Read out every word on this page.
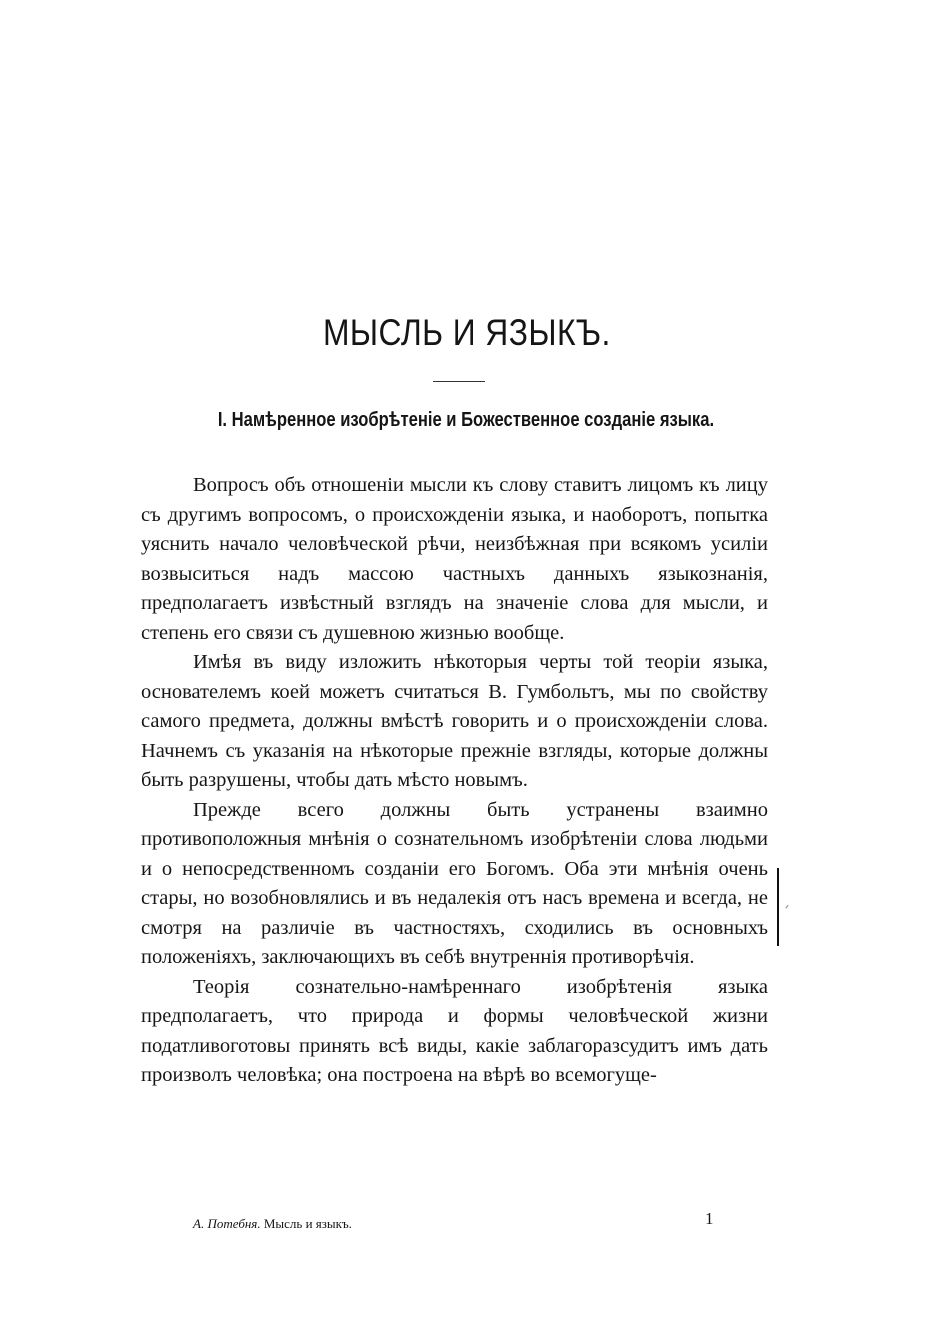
МЫСЛЬ И ЯЗЫКЪ.
I. Намѣренное изобрѣтеніе и Божественное созданіе языка.

Вопросъ объ отношеніи мысли къ слову ставитъ лицомъ къ лицу съ другимъ вопросомъ, о происхожденіи языка, и наоборотъ, попытка уяснить начало человѣческой рѣчи, неизбѣжная при всякомъ усиліи возвыситься надъ массою частныхъ данныхъ языкознанія, предполагаетъ извѣстный взглядъ на значеніе слова для мысли, и степень его связи съ душевною жизнью вообще.

Имѣя въ виду изложить нѣкоторыя черты той теоріи языка, основателемъ коей можетъ считаться В. Гумбольтъ, мы по свойству самого предмета, должны вмѣстѣ говорить и о происхожденіи слова. Начнемъ съ указанія на нѣкоторые прежніе взгляды, которые должны быть разрушены, чтобы дать мѣсто новымъ.

Прежде всего должны быть устранены взаимно противоположныя мнѣнія о сознательномъ изобрѣтеніи слова людьми и о непосредственномъ созданіи его Богомъ. Оба эти мнѣнія очень стары, но возобновлялись и въ недалекія отъ насъ времена и всегда, не смотря на различіе въ частностяхъ, сходились въ основныхъ положеніяхъ, заключающихъ въ себѣ внутреннія противорѣчія.

Теорія сознательно-намѣреннаго изобрѣтенія языка предполагаетъ, что природа и формы человѣческой жизни податливоготовы принять всѣ виды, какіе заблагоразсудитъ имъ дать произволъ человѣка; она построена на вѣрѣ во всемогуще-

А. Потебня. Мысль и языкъ.	1
